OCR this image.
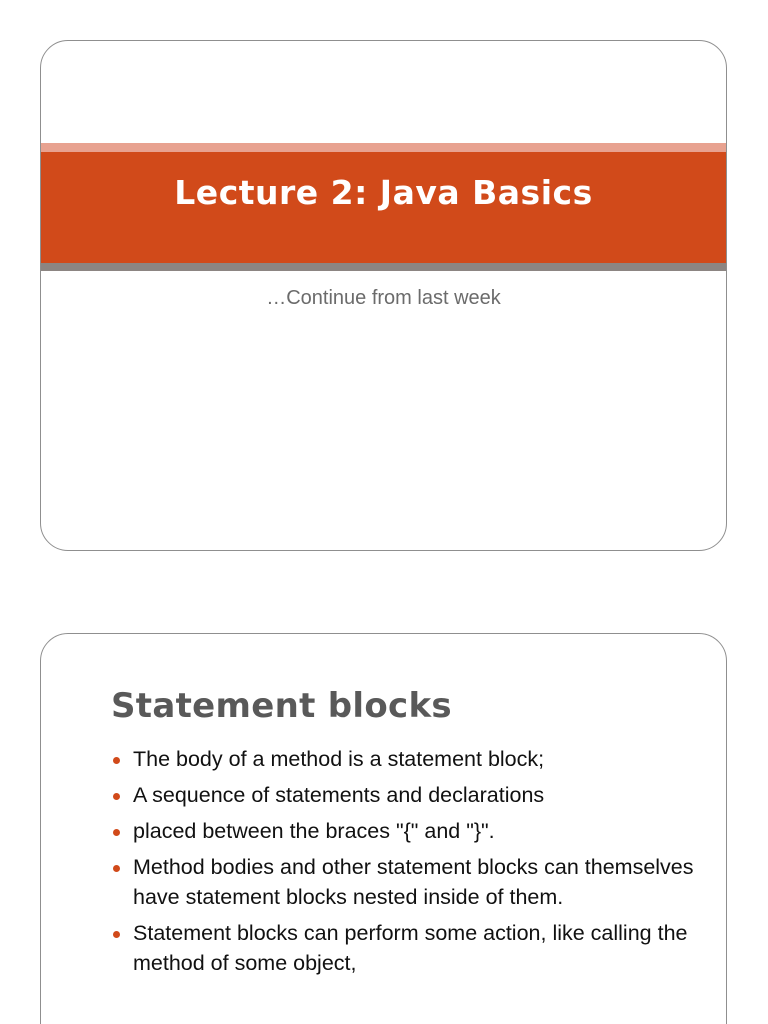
Lecture 2: Java Basics
…Continue from last week
Statement blocks
The body of a method is a statement block;
A sequence of statements and declarations
placed between the braces "{" and "}".
Method bodies and other statement blocks can themselves have statement blocks nested inside of them.
Statement blocks can perform some action, like calling the method of some object,
